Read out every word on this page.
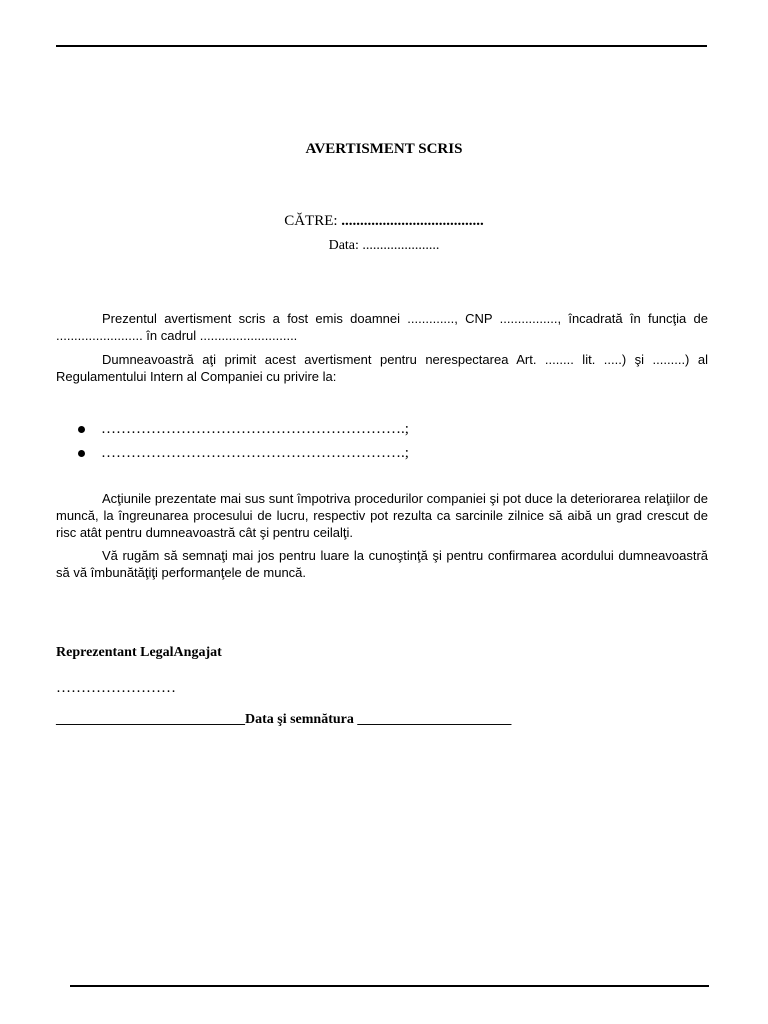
AVERTISMENT SCRIS
CĂTRE: ......................................
Data: ......................

Prezentul avertisment scris a fost emis doamnei ............., CNP ................, încadrată în funcţia de ........................ în cadrul ...........................

Dumneavoastră aţi primit acest avertisment pentru nerespectarea Art. ........ lit. .....) şi .........) al Regulamentului Intern al Companiei cu privire la:

…………………………………………………….;
…………………………………………………….;

Acţiunile prezentate mai sus sunt împotriva procedurilor companiei şi pot duce la deteriorarea relaţiilor de muncă, la îngreunarea procesului de lucru, respectiv pot rezulta ca sarcinile zilnice să aibă un grad crescut de risc atât pentru dumneavoastră cât şi pentru ceilalţi.

Vă rugăm să semnaţi mai jos pentru luare la cunoştinţă şi pentru confirmarea acordului dumneavoastră să vă îmbunătăţiţi performanţele de muncă.

Reprezentant LegalAngajat
……………………
___________________________Data şi semnătura ______________________
